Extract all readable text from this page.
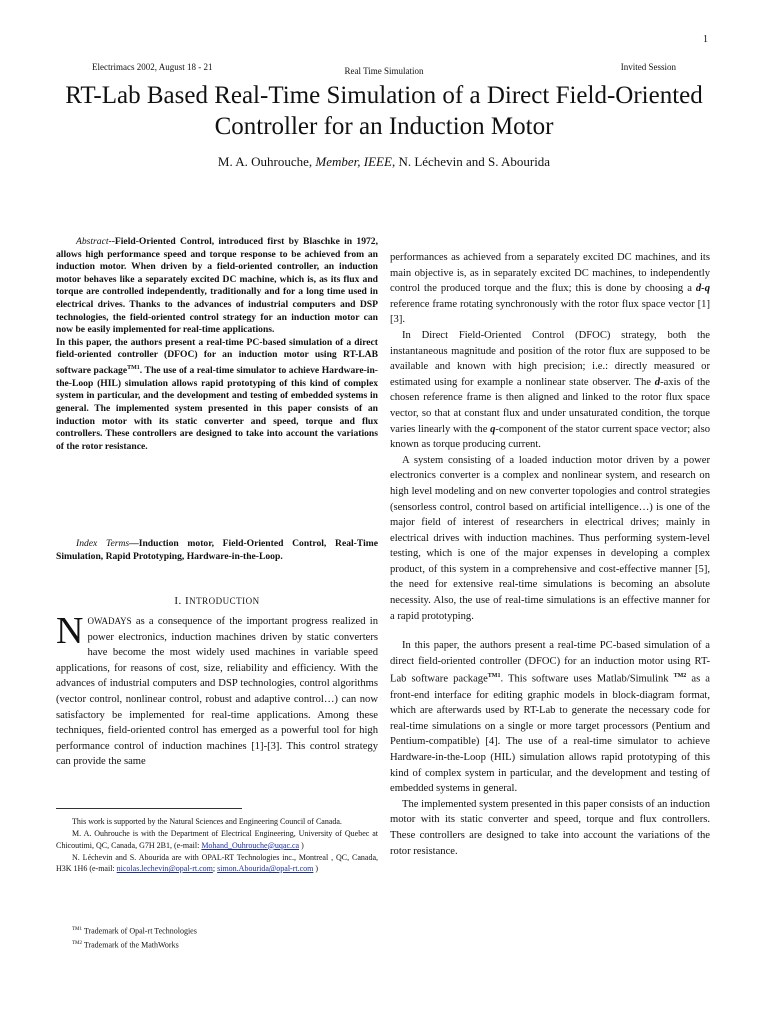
1
Electrimacs 2002, August 18 - 21	Real Time Simulation	Invited Session
RT-Lab Based Real-Time Simulation of a Direct Field-Oriented Controller for an Induction Motor
M. A. Ouhrouche, Member, IEEE, N. Léchevin and S. Abourida

Abstract--Field-Oriented Control, introduced first by Blaschke in 1972, allows high performance speed and torque response to be achieved from an induction motor. When driven by a field-oriented controller, an induction motor behaves like a separately excited DC machine, which is, as its flux and torque are controlled independently, traditionally and for a long time used in electrical drives. Thanks to the advances of industrial computers and DSP technologies, the field-oriented control strategy for an induction motor can now be easily implemented for real-time applications.

In this paper, the authors present a real-time PC-based simulation of a direct field-oriented controller (DFOC) for an induction motor using RT-LAB software package$^{TM1}$. The use of a real-time simulator to achieve Hardware-in-the-Loop (HIL) simulation allows rapid prototyping of this kind of complex system in particular, and the development and testing of embedded systems in general. The implemented system presented in this paper consists of an induction motor with its static converter and speed, torque and flux controllers. These controllers are designed to take into account the variations of the rotor resistance.

Index Terms—Induction motor, Field-Oriented Control, Real-Time Simulation, Rapid Prototyping, Hardware-in-the-Loop.

I. INTRODUCTION

NOWADAYS as a consequence of the important progress realized in power electronics, induction machines driven by static converters have become the most widely used machines in variable speed applications, for reasons of cost, size, reliability and efficiency. With the advances of industrial computers and DSP technologies, control algorithms (vector control, nonlinear control, robust and adaptive control…) can now satisfactory be implemented for real-time applications. Among these techniques, field-oriented control has emerged as a powerful tool for high performance control of induction machines [1]-[3]. This control strategy can provide the same

This work is supported by the Natural Sciences and Engineering Council of Canada.

M. A. Ouhrouche is with the Department of Electrical Engineering, University of Quebec at Chicoutimi, QC, Canada, G7H 2B1, (e-mail: Mohand_Ouhrouche@uqac.ca )

N. Léchevin and S. Abourida are with OPAL-RT Technologies inc., Montreal , QC, Canada, H3K 1H6 (e-mail: nicolas.lechevin@opal-rt.com; simon.Abourida@opal-rt.com )

$^{TM1}$ Trademark of Opal-rt Technologies
$^{TM2}$ Trademark of the MathWorks

performances as achieved from a separately excited DC machines, and its main objective is, as in separately excited DC machines, to independently control the produced torque and the flux; this is done by choosing a d-q reference frame rotating synchronously with the rotor flux space vector [1][3].

In Direct Field-Oriented Control (DFOC) strategy, both the instantaneous magnitude and position of the rotor flux are supposed to be available and known with high precision; i.e.: directly measured or estimated using for example a nonlinear state observer. The d-axis of the chosen reference frame is then aligned and linked to the rotor flux space vector, so that at constant flux and under unsaturated condition, the torque varies linearly with the q-component of the stator current space vector; also known as torque producing current.

A system consisting of a loaded induction motor driven by a power electronics converter is a complex and nonlinear system, and research on high level modeling and on new converter topologies and control strategies (sensorless control, control based on artificial intelligence…) is one of the major field of interest of researchers in electrical drives; mainly in electrical drives with induction machines. Thus performing system-level testing, which is one of the major expenses in developing a complex product, of this system in a comprehensive and cost-effective manner [5], the need for extensive real-time simulations is becoming an absolute necessity. Also, the use of real-time simulations is an effective manner for a rapid prototyping.

In this paper, the authors present a real-time PC-based simulation of a direct field-oriented controller (DFOC) for an induction motor using RT-Lab software package$^{TM1}$. This software uses Matlab/Simulink $^{TM2}$ as a front-end interface for editing graphic models in block-diagram format, which are afterwards used by RT-Lab to generate the necessary code for real-time simulations on a single or more target processors (Pentium and Pentium-compatible) [4]. The use of a real-time simulator to achieve Hardware-in-the-Loop (HIL) simulation allows rapid prototyping of this kind of complex system in particular, and the development and testing of embedded systems in general.

The implemented system presented in this paper consists of an induction motor with its static converter and speed, torque and flux controllers. These controllers are designed to take into account the variations of the rotor resistance.
